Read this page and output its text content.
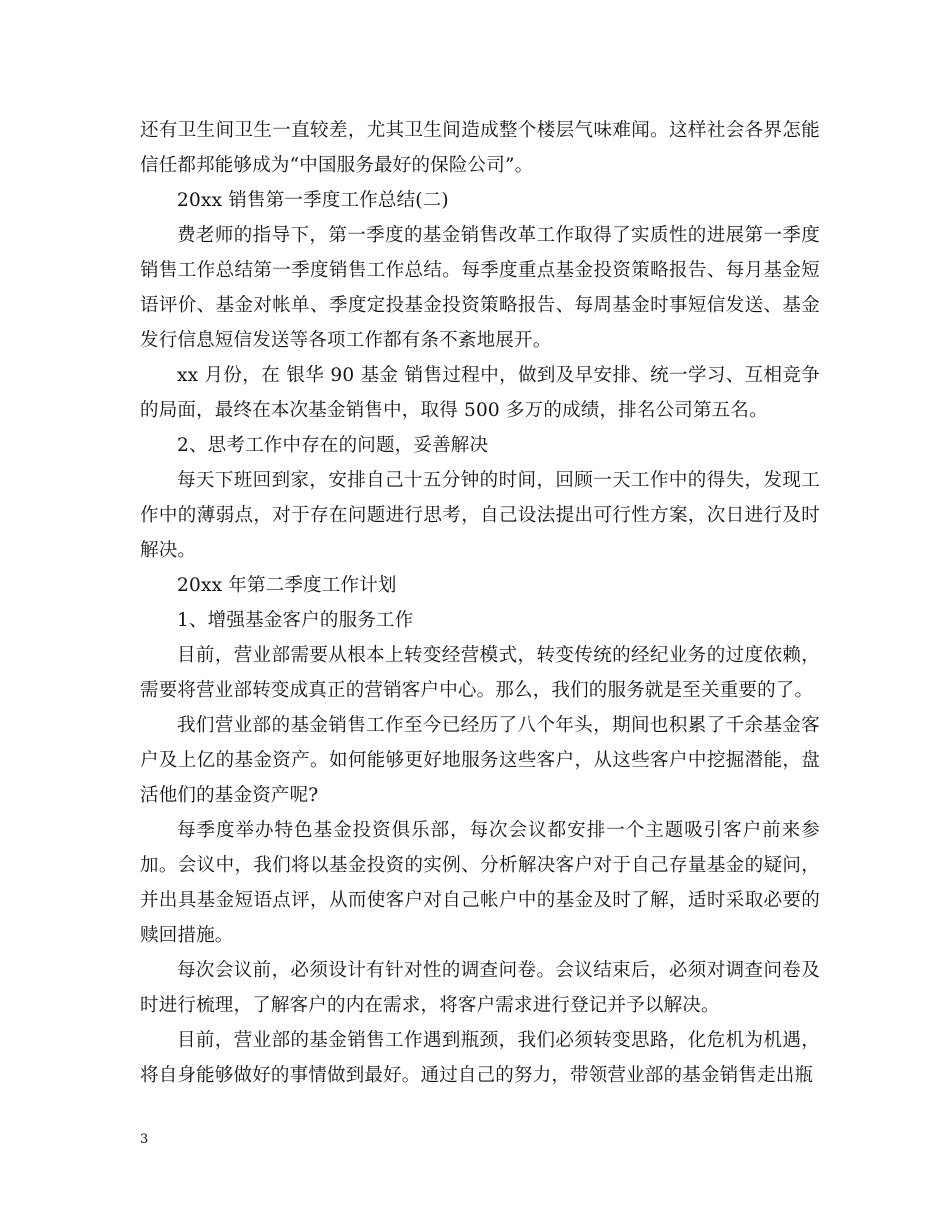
还有卫生间卫生一直较差，尤其卫生间造成整个楼层气味难闻。这样社会各界怎能信任都邦能够成为“中国服务最好的保险公司”。

20xx 销售第一季度工作总结(二)

费老师的指导下，第一季度的基金销售改革工作取得了实质性的进展第一季度销售工作总结第一季度销售工作总结。每季度重点基金投资策略报告、每月基金短语评价、基金对帐单、季度定投基金投资策略报告、每周基金时事短信发送、基金发行信息短信发送等各项工作都有条不紊地展开。

xx 月份，在 银华 90 基金 销售过程中，做到及早安排、统一学习、互相竞争的局面，最终在本次基金销售中，取得 500 多万的成绩，排名公司第五名。

2、思考工作中存在的问题，妥善解决

每天下班回到家，安排自己十五分钟的时间，回顾一天工作中的得失，发现工作中的薄弱点，对于存在问题进行思考，自己设法提出可行性方案，次日进行及时解决。

20xx 年第二季度工作计划

1、增强基金客户的服务工作

目前，营业部需要从根本上转变经营模式，转变传统的经纪业务的过度依赖，需要将营业部转变成真正的营销客户中心。那么，我们的服务就是至关重要的了。

我们营业部的基金销售工作至今已经历了八个年头，期间也积累了千余基金客户及上亿的基金资产。如何能够更好地服务这些客户，从这些客户中挖掘潜能，盘活他们的基金资产呢?

每季度举办特色基金投资俱乐部，每次会议都安排一个主题吸引客户前来参加。会议中，我们将以基金投资的实例、分析解决客户对于自己存量基金的疑问，并出具基金短语点评，从而使客户对自己帐户中的基金及时了解，适时采取必要的赎回措施。

每次会议前，必须设计有针对性的调查问卷。会议结束后，必须对调查问卷及时进行梳理，了解客户的内在需求，将客户需求进行登记并予以解决。

目前，营业部的基金销售工作遇到瓶颈，我们必须转变思路，化危机为机遇，将自身能够做好的事情做到最好。通过自己的努力，带领营业部的基金销售走出瓶

3
